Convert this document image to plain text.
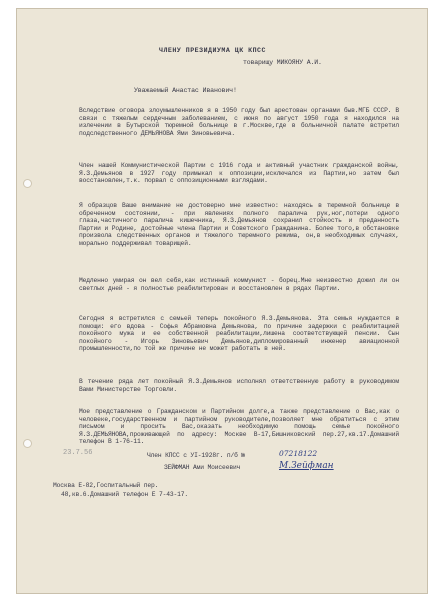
ЧЛЕНУ ПРЕЗИДИУМА ЦК КПСС
товарищу МИКОЯНУ А.И.
Уважаемый Анастас Иванович!
Вследствие оговора злоумышленников я в 1950 году был арестован органами быв.МГБ СССР. В связи с тяжелым сердечным заболеванием, с июня по август 1950 года я находился на излечении в Бутырской тюремной больнице в г.Москве,где в больничной палате встретил подследственного ДЕМЬЯНОВА Ями Зиновьевича.
Член нашей Коммунистической Партии с 1916 года и активный участник гражданской войны, Я.З.Демьянов в 1927 году примыкал к оппозиции,исключался из Партии,но затем был восстановлен,т.к. порвал с оппозиционными взглядами.
Я образцов Вашe внимание не достоверно мне известно: находясь в тюремной больнице в обреченном состоянии, - при явлениях полного паралича рук,ног,потери одного глаза,частичного паралича кишечника, Я.З.Демьянов сохранил стойкость и преданность Партии и Родине, достойные члена Партии и Советского Гражданина. Более того,в обстановке произвола следственных органов и тяжелого тюремного режима, он,в необходимых случаях, морально поддерживал товарищей.
Медленно умирая он вел себя,как истинный коммунист - борец.Мне неизвестно дожил ли он светлых дней - я полностью реабилитирован и восстановлен в рядах Партии.
Сегодня я встретился с семьей теперь покойного Я.З.Демьянова. Эта семья нуждается в помощи: его вдова - Софья Абрамовна Демьянова, по причине задержки с реабилитацией покойного мужа и ее собственной реабилитации,лишена соответствующей пенсии. Сын покойного - Игорь Зиновьевич Демьянов,дипломированный инженер авиационной промышленности,по той же причине не может работать в ней.
В течение ряда лет покойный Я.З.Демьянов исполнял ответственную работу в руководимом Вами Министерстве Торговли.
Мое представление о Гражданском и Партийном долге,а также представление о Вас,как о человеке,государственном и партийном руководителе,позволяет мне обратиться с этим письмом и просить Вас,оказать необходимую помощь семье покойного Я.З.ДЕМЬЯНОВА,проживающей по адресу: Москве В-17,Бишниковский пер.27,кв.17.Домашний телефон В 1-76-11.
23.7.56	Член КПСС с УI-1928г. п/б №	07218122
ЗЕЙФМАН Ами Моисеевич	М.Зейфман
Москва Е-82,Госпитальный пер.
48,кв.6.Домашний телефон Е 7-43-17.
